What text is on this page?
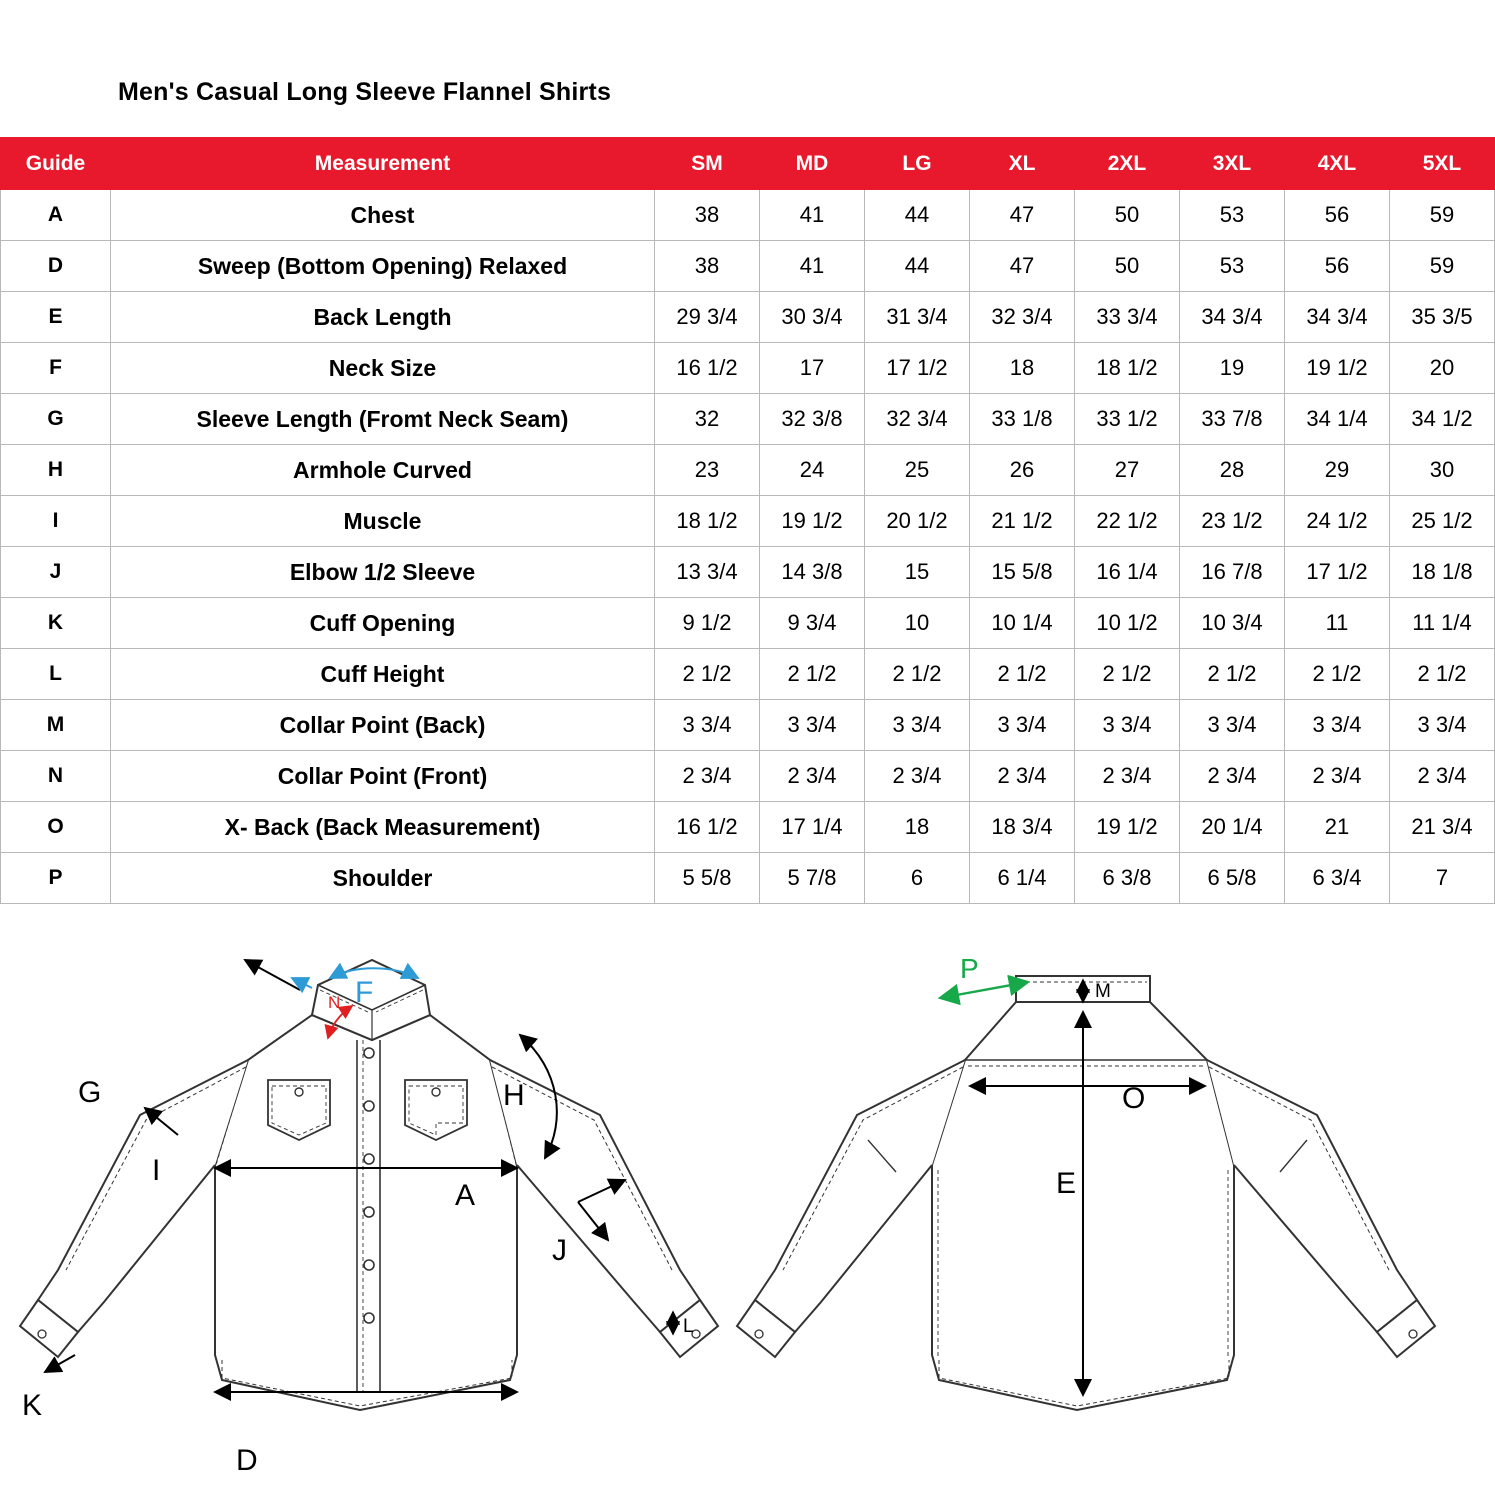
Men's Casual Long Sleeve Flannel Shirts
Guide	Measurement	SM	MD	LG	XL	2XL	3XL	4XL	5XL
A	Chest	38	41	44	47	50	53	56	59
D	Sweep (Bottom Opening) Relaxed	38	41	44	47	50	53	56	59
E	Back Length	29 3/4	30 3/4	31 3/4	32 3/4	33 3/4	34 3/4	34 3/4	35 3/5
F	Neck Size	16 1/2	17	17 1/2	18	18 1/2	19	19 1/2	20
G	Sleeve Length (Fromt Neck Seam)	32	32 3/8	32 3/4	33 1/8	33 1/2	33 7/8	34 1/4	34 1/2
H	Armhole Curved	23	24	25	26	27	28	29	30
I	Muscle	18 1/2	19 1/2	20 1/2	21 1/2	22 1/2	23 1/2	24 1/2	25 1/2
J	Elbow 1/2 Sleeve	13 3/4	14 3/8	15	15 5/8	16 1/4	16 7/8	17 1/2	18 1/8
K	Cuff Opening	9 1/2	9 3/4	10	10 1/4	10 1/2	10 3/4	11	11 1/4
L	Cuff Height	2 1/2	2 1/2	2 1/2	2 1/2	2 1/2	2 1/2	2 1/2	2 1/2
M	Collar Point (Back)	3 3/4	3 3/4	3 3/4	3 3/4	3 3/4	3 3/4	3 3/4	3 3/4
N	Collar Point (Front)	2 3/4	2 3/4	2 3/4	2 3/4	2 3/4	2 3/4	2 3/4	2 3/4
O	X- Back (Back Measurement)	16 1/2	17 1/4	18	18 3/4	19 1/2	20 1/4	21	21 3/4
P	Shoulder	5 5/8	5 7/8	6	6 1/4	6 3/8	6 5/8	6 3/4	7
G
I
K
D
A
H
J
L
F
N
P
M
O
E
